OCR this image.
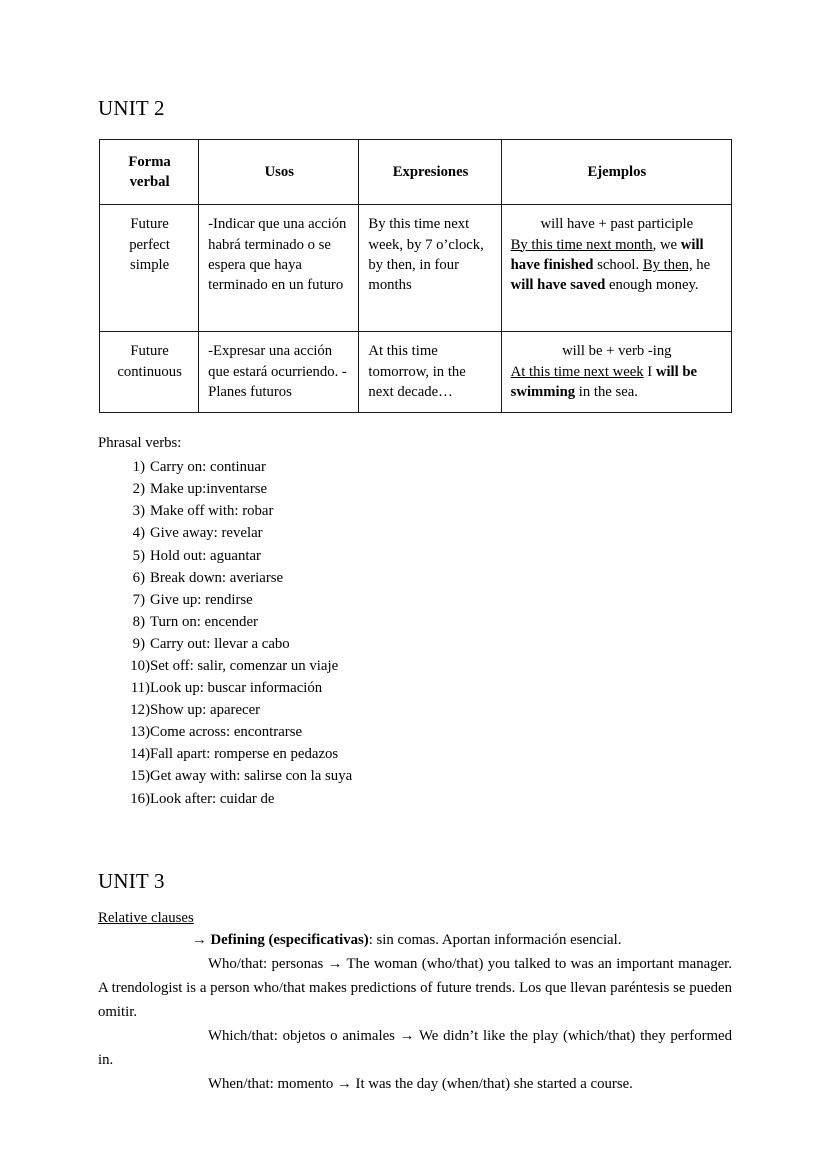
UNIT 2
Forma verbal	Usos	Expresiones	Ejemplos
Future perfect simple	-Indicar que una acción habrá terminado o se espera que haya terminado en un futuro	By this time next week, by 7 o’clock, by then, in four months	will have + past participle
By this time next month, we will have finished school. By then, he will have saved enough money.
Future continuous	-Expresar una acción que estará ocurriendo. -Planes futuros	At this time tomorrow, in the next decade…	will be + verb -ing
At this time next week I will be swimming in the sea.

Phrasal verbs:

1) Carry on: continuar
2) Make up:inventarse
3) Make off with: robar
4) Give away: revelar
5) Hold out: aguantar
6) Break down: averiarse
7) Give up: rendirse
8) Turn on: encender
9) Carry out: llevar a cabo
10) Set off: salir, comenzar un viaje
11) Look up: buscar información
12) Show up: aparecer
13) Come across: encontrarse
14) Fall apart: romperse en pedazos
15) Get away with: salirse con la suya
16) Look after: cuidar de
UNIT 3
Relative clauses

→ Defining (especificativas): sin comas. Aportan información esencial.

Who/that: personas → The woman (who/that) you talked to was an important manager. A trendologist is a person who/that makes predictions of future trends. Los que llevan paréntesis se pueden omitir.

Which/that: objetos o animales → We didn’t like the play (which/that) they performed in.

When/that: momento → It was the day (when/that) she started a course.
